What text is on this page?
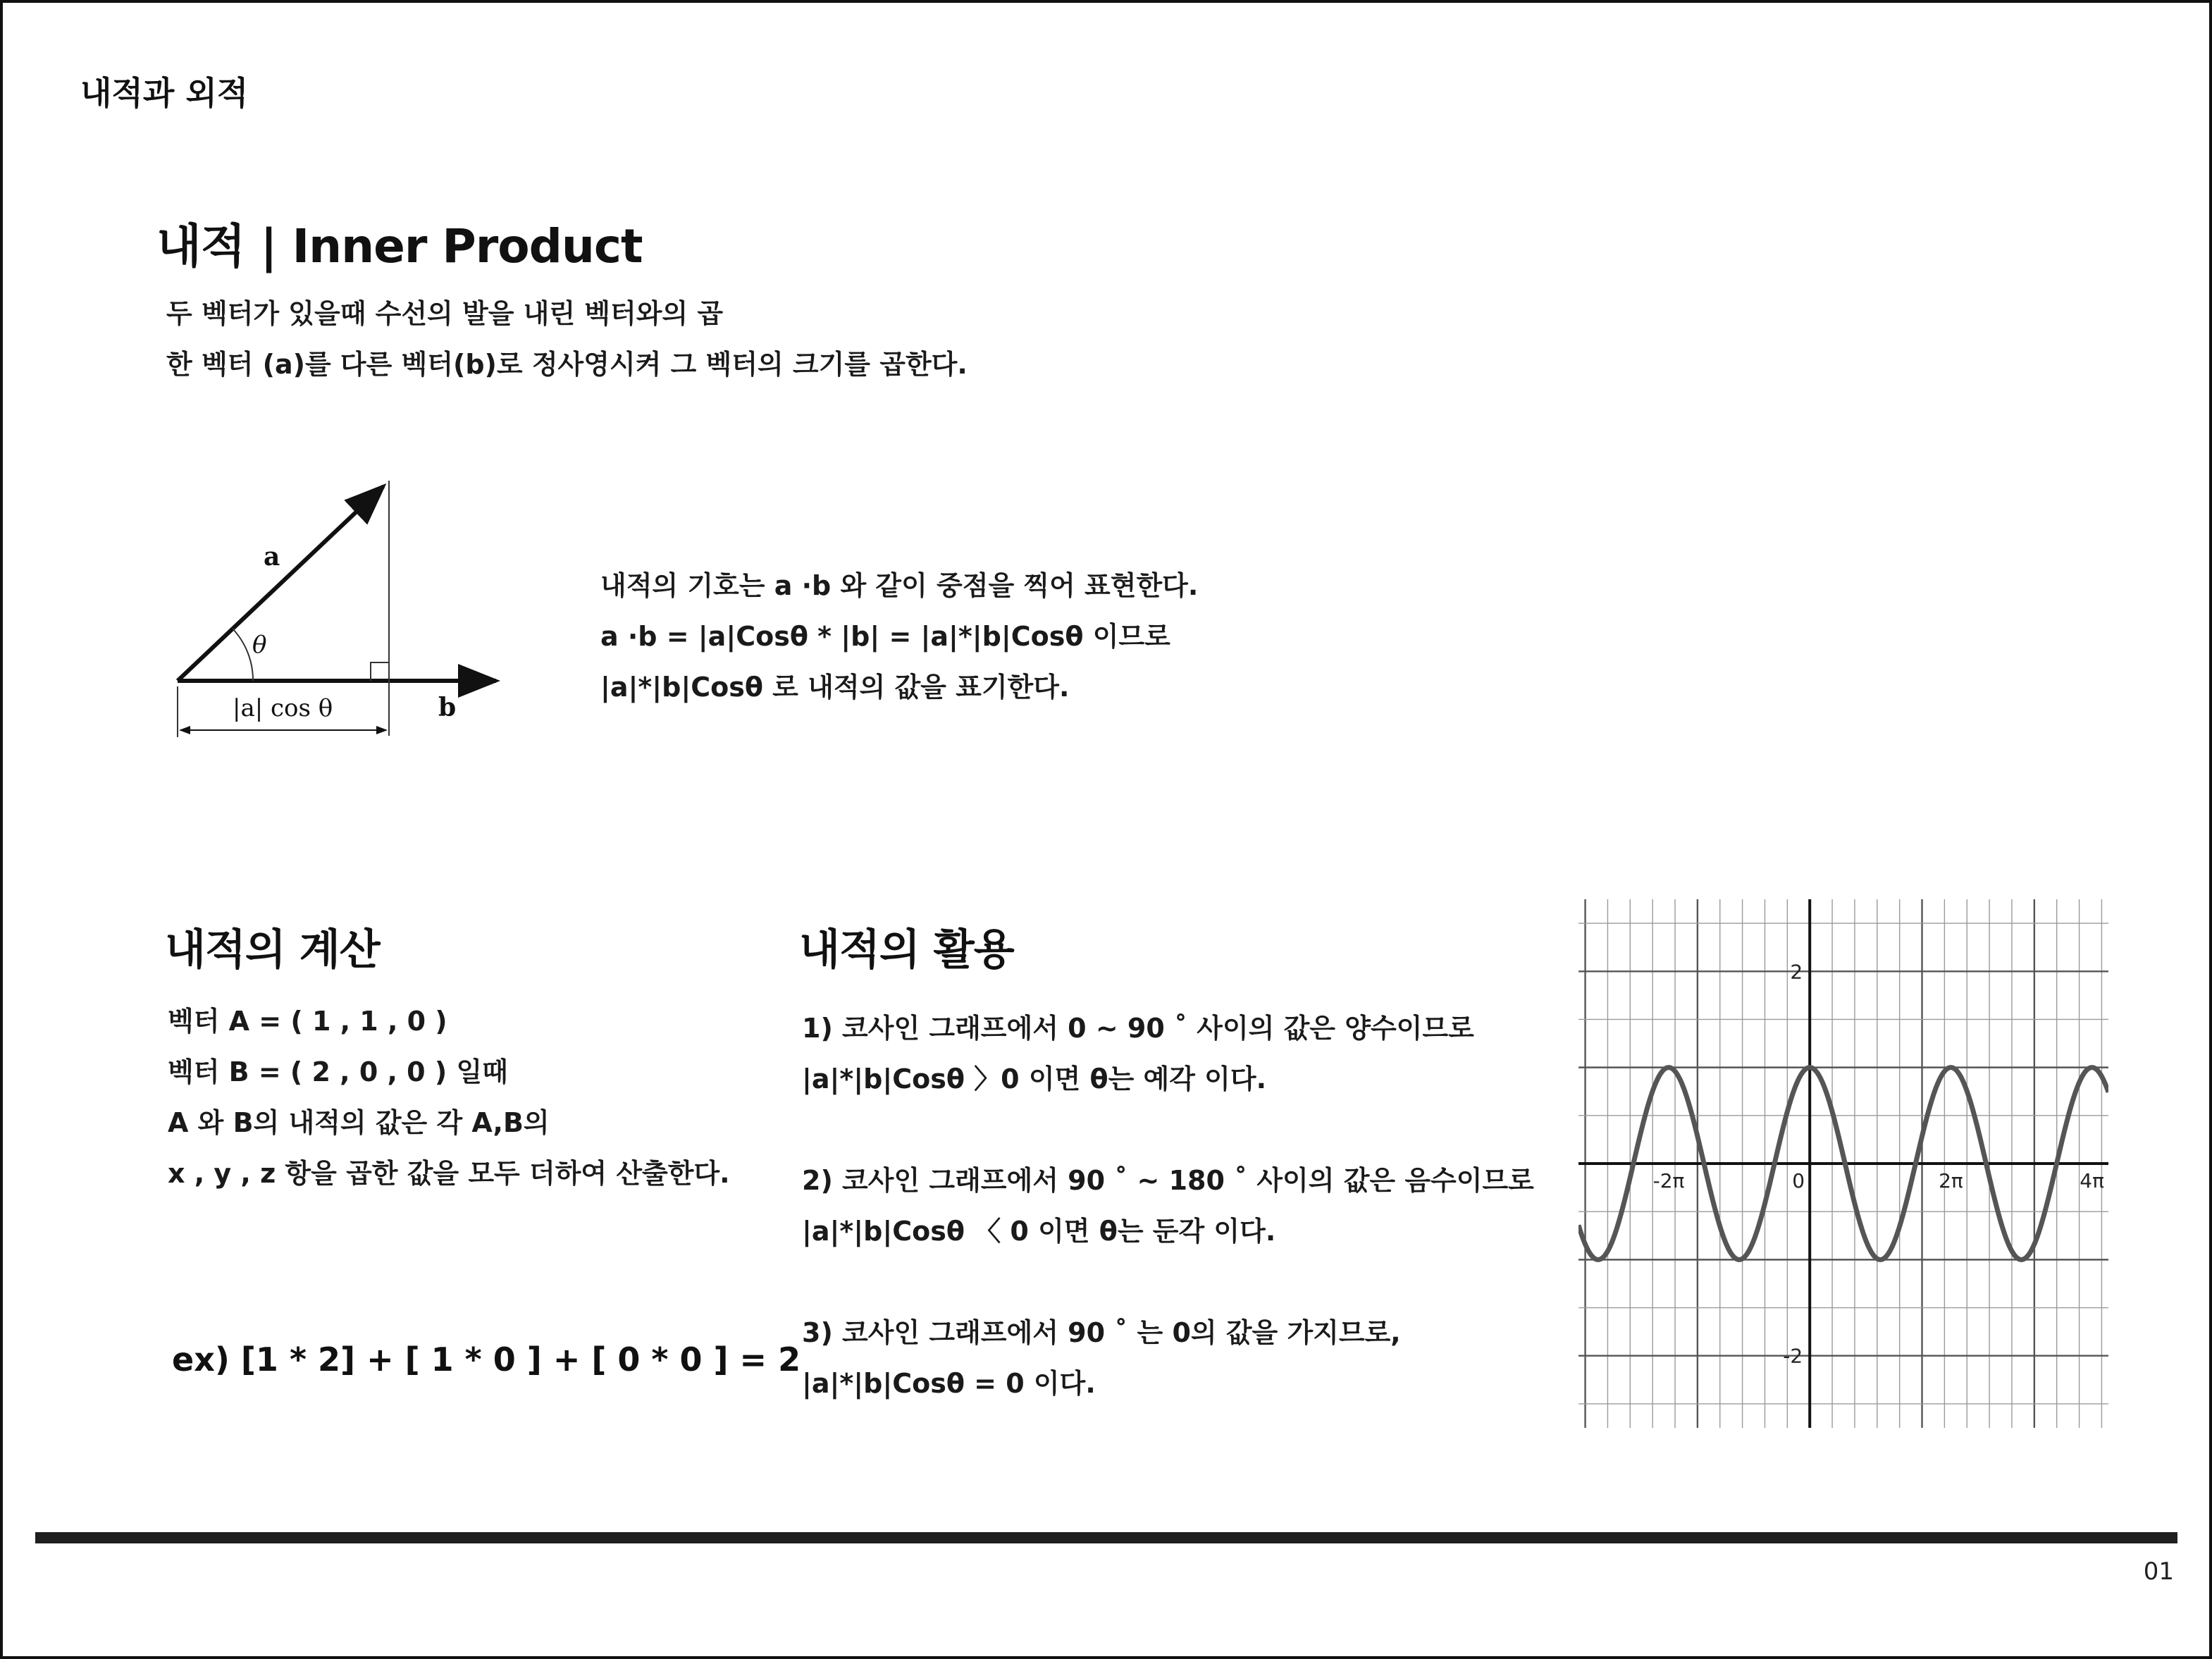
내적과 외적
내적 | Inner Product
두 벡터가 있을때 수선의 발을 내린 벡터와의 곱
한 벡터 (a)를 다른 벡터(b)로 정사영시켜 그 벡터의 크기를 곱한다.
a
b
θ
|a| cos θ
내적의 기호는 a ·b 와 같이 중점을 찍어 표현한다.
a ·b = |a|Cosθ * |b| = |a|*|b|Cosθ 이므로
|a|*|b|Cosθ 로 내적의 값을 표기한다.
내적의 계산
벡터 A = ( 1 , 1 , 0 )
벡터 B = ( 2 , 0 , 0 ) 일때
A 와 B의 내적의 값은 각 A,B의
x , y , z 항을 곱한 값을 모두 더하여 산출한다.
ex) [1 * 2] + [ 1 * 0 ] + [ 0 * 0 ] = 2
내적의 활용
1) 코사인 그래프에서 0 ~ 90 ˚ 사이의 값은 양수이므로
|a|*|b|Cosθ 〉0 이면 θ는 예각 이다.
2) 코사인 그래프에서 90 ˚ ~ 180 ˚ 사이의 값은 음수이므로
|a|*|b|Cosθ 〈 0 이면 θ는 둔각 이다.
3) 코사인 그래프에서 90 ˚ 는 0의 값을 가지므로,
|a|*|b|Cosθ = 0 이다.
-2π	0	2π	4π
2
-2
01
